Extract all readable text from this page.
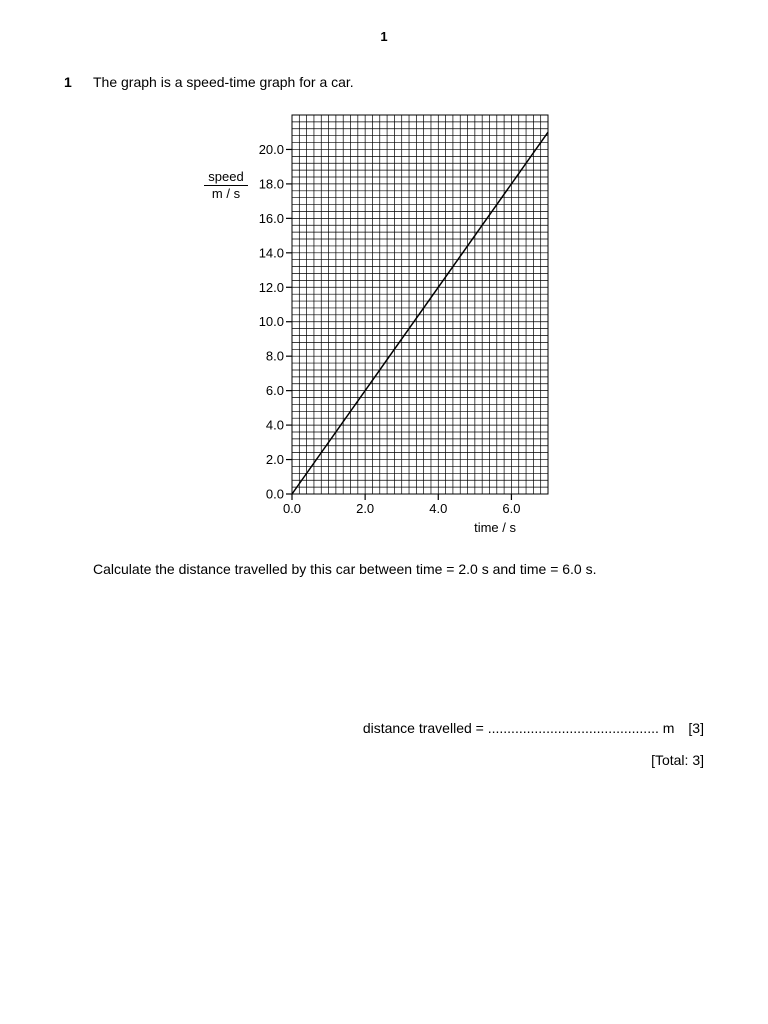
1
1 The graph is a speed-time graph for a car.
speed
m / s
0.0
2.0
4.0
6.0
8.0
10.0
12.0
14.0
16.0
18.0
20.0
0.0	2.0	4.0	6.0
time / s
Calculate the distance travelled by this car between time = 2.0 s and time = 6.0 s.
distance travelled = ............................................ m [3]
[Total: 3]
